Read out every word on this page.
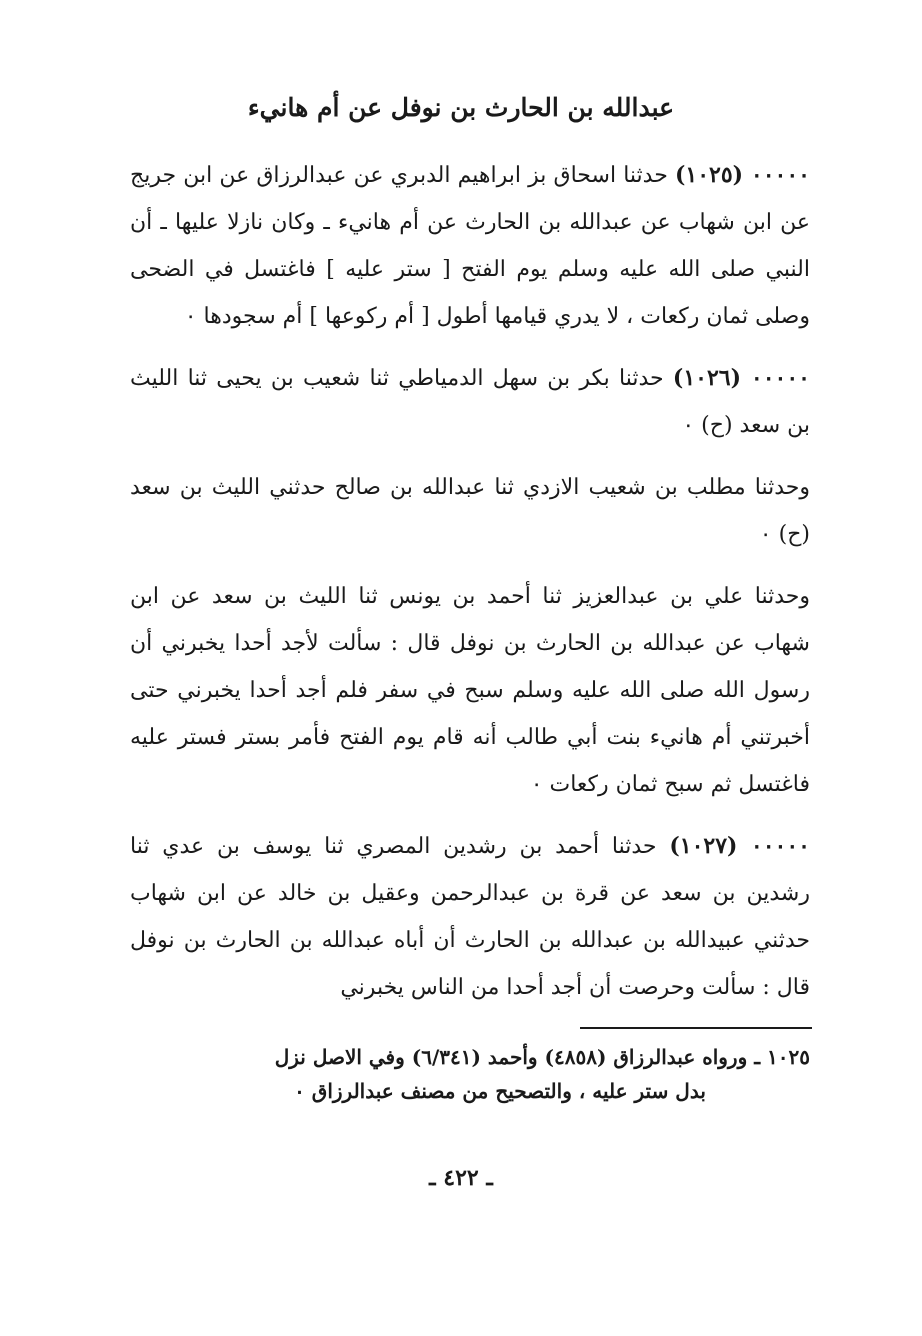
عبدالله بن الحارث بن نوفل عن أم هانيء

٠٠٠٠٠ (١٠٢٥) حدثنا اسحاق بز ابراهيم الدبري عن عبدالرزاق عن ابن جريج عن ابن شهاب عن عبدالله بن الحارث عن أم هانيء ـ وكان نازلا عليها ـ أن النبي صلى الله عليه وسلم يوم الفتح [ ستر عليه ] فاغتسل في الضحى وصلى ثمان ركعات ، لا يدري قيامها أطول [ أم ركوعها ] أم سجودها ٠

٠٠٠٠٠ (١٠٢٦) حدثنا بكر بن سهل الدمياطي ثنا شعيب بن يحيى ثنا الليث بن سعد (ح) ٠

وحدثنا مطلب بن شعيب الازدي ثنا عبدالله بن صالح حدثني الليث بن سعد (ح) ٠

وحدثنا علي بن عبدالعزيز ثنا أحمد بن يونس ثنا الليث بن سعد عن ابن شهاب عن عبدالله بن الحارث بن نوفل قال : سألت لأجد أحدا يخبرني أن رسول الله صلى الله عليه وسلم سبح في سفر فلم أجد أحدا يخبرني حتى أخبرتني أم هانيء بنت أبي طالب أنه قام يوم الفتح فأمر بستر فستر عليه فاغتسل ثم سبح ثمان ركعات ٠

٠٠٠٠٠ (١٠٢٧) حدثنا أحمد بن رشدين المصري ثنا يوسف بن عدي ثنا رشدين بن سعد عن قرة بن عبدالرحمن وعقيل بن خالد عن ابن شهاب حدثني عبيدالله بن عبدالله بن الحارث أن أباه عبدالله بن الحارث بن نوفل قال : سألت وحرصت أن أجد أحدا من الناس يخبرني

١٠٢٥ ـ ورواه عبدالرزاق (٤٨٥٨) وأحمد (٦/٣٤١) وفي الاصل نزل
بدل ستر عليه ، والتصحيح من مصنف عبدالرزاق ٠
ـ ٤٢٢ ـ
